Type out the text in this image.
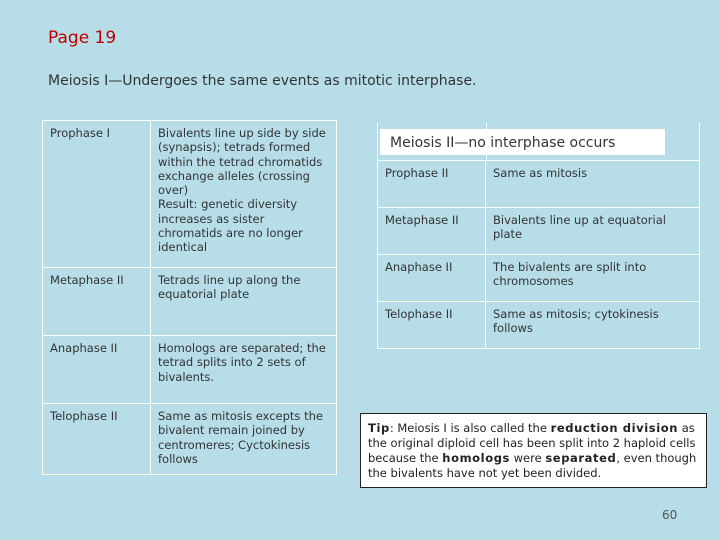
Page 19
Meiosis I—Undergoes the same events as mitotic interphase.
Prophase I	Bivalents line up side by side (synapsis); tetrads formed within the tetrad chromatids exchange alleles (crossing over)
Result: genetic diversity increases as sister chromatids are no longer identical
Metaphase II	Tetrads line up along the equatorial plate
Anaphase II	Homologs are separated; the tetrad splits into 2 sets of bivalents.
Telophase II	Same as mitosis excepts the bivalent remain joined by centromeres; Cyctokinesis follows
Meiosis II—no interphase occurs
Prophase II	Same as mitosis
Metaphase II	Bivalents line up at equatorial plate
Anaphase II	The bivalents are split into chromosomes
Telophase II	Same as mitosis; cytokinesis follows
Tip: Meiosis I is also called the reduction division as the original diploid cell has been split into 2 haploid cells because the homologs were separated, even though the bivalents have not yet been divided.
60
